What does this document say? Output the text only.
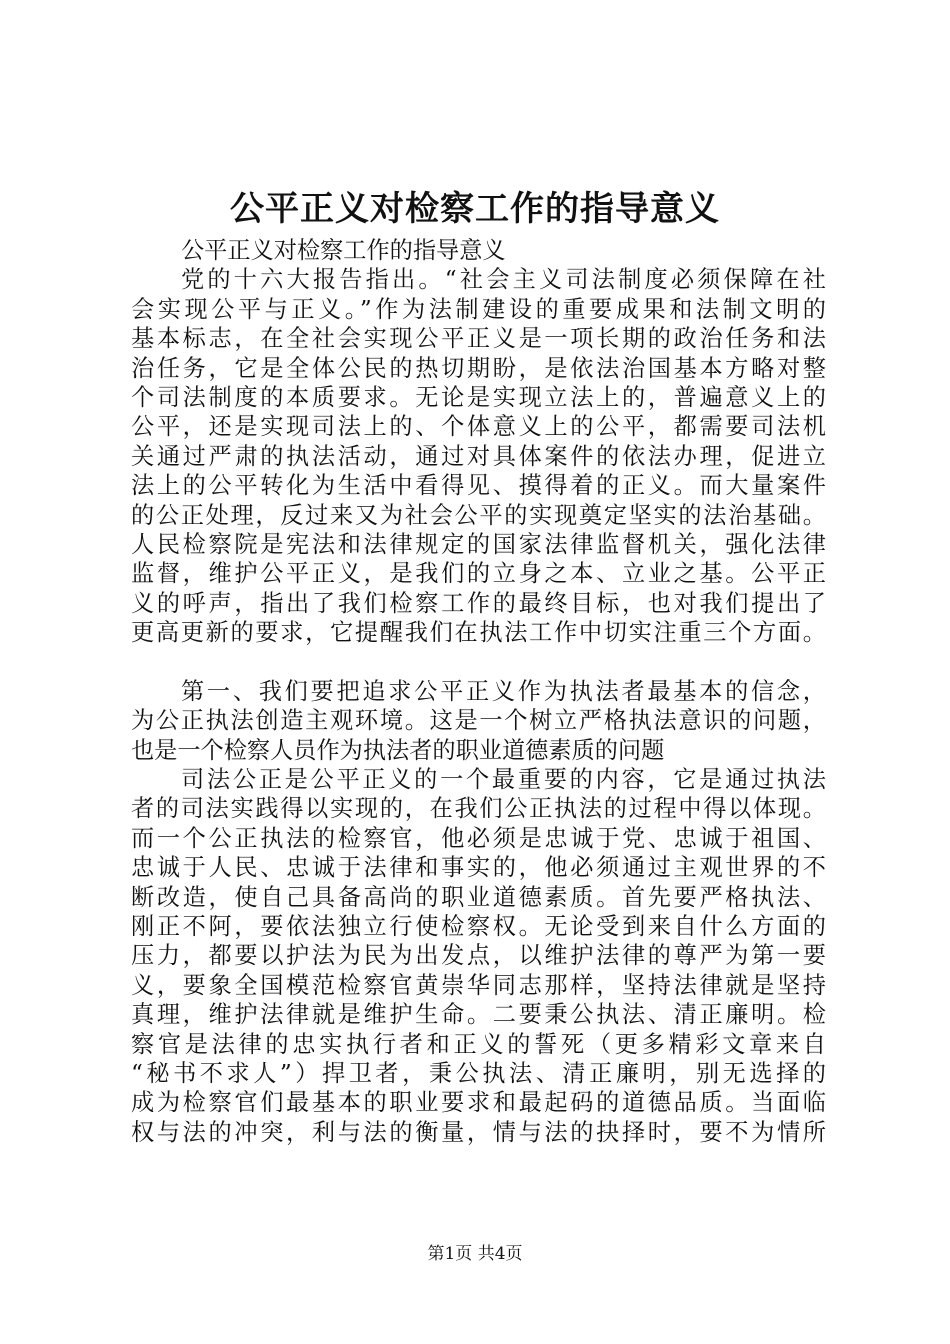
公平正义对检察工作的指导意义
公平正义对检察工作的指导意义
党的十六大报告指出。“社会主义司法制度必须保障在社
会实现公平与正义。”作为法制建设的重要成果和法制文明的
基本标志，在全社会实现公平正义是一项长期的政治任务和法
治任务，它是全体公民的热切期盼，是依法治国基本方略对整
个司法制度的本质要求。无论是实现立法上的，普遍意义上的
公平，还是实现司法上的、个体意义上的公平，都需要司法机
关通过严肃的执法活动，通过对具体案件的依法办理，促进立
法上的公平转化为生活中看得见、摸得着的正义。而大量案件
的公正处理，反过来又为社会公平的实现奠定坚实的法治基础。
人民检察院是宪法和法律规定的国家法律监督机关，强化法律
监督，维护公平正义，是我们的立身之本、立业之基。公平正
义的呼声，指出了我们检察工作的最终目标，也对我们提出了
更高更新的要求，它提醒我们在执法工作中切实注重三个方面。
第一、我们要把追求公平正义作为执法者最基本的信念，
为公正执法创造主观环境。这是一个树立严格执法意识的问题，
也是一个检察人员作为执法者的职业道德素质的问题
司法公正是公平正义的一个最重要的内容，它是通过执法
者的司法实践得以实现的，在我们公正执法的过程中得以体现。
而一个公正执法的检察官，他必须是忠诚于党、忠诚于祖国、
忠诚于人民、忠诚于法律和事实的，他必须通过主观世界的不
断改造，使自己具备高尚的职业道德素质。首先要严格执法、
刚正不阿，要依法独立行使检察权。无论受到来自什么方面的
压力，都要以护法为民为出发点，以维护法律的尊严为第一要
义，要象全国模范检察官黄崇华同志那样，坚持法律就是坚持
真理，维护法律就是维护生命。二要秉公执法、清正廉明。检
察官是法律的忠实执行者和正义的誓死（更多精彩文章来自
“秘书不求人”）捍卫者，秉公执法、清正廉明，别无选择的
成为检察官们最基本的职业要求和最起码的道德品质。当面临
权与法的冲突，利与法的衡量，情与法的抉择时，要不为情所
第1页 共4页
